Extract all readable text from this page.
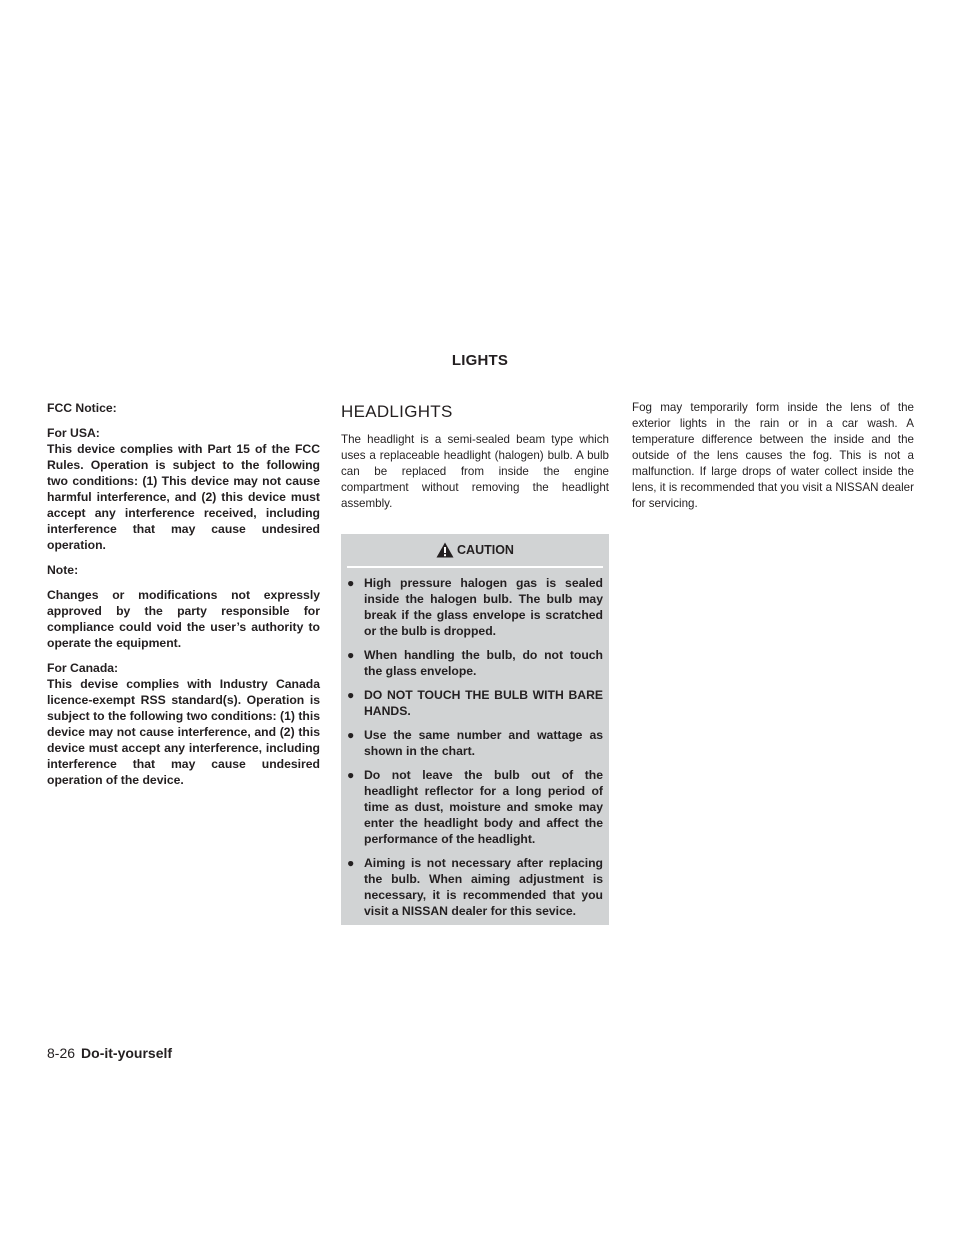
LIGHTS

FCC Notice:

For USA:

This device complies with Part 15 of the FCC Rules. Operation is subject to the following two conditions: (1) This device may not cause harmful interference, and (2) this device must accept any interference received, including interference that may cause undesired operation.

Note:

Changes or modifications not expressly approved by the party responsible for compliance could void the user’s authority to operate the equipment.

For Canada:

This devise complies with Industry Canada licence-exempt RSS standard(s). Operation is subject to the following two conditions: (1) this device may not cause interference, and (2) this device must accept any interference, including interference that may cause undesired operation of the device.

HEADLIGHTS

The headlight is a semi-sealed beam type which uses a replaceable headlight (halogen) bulb. A bulb can be replaced from inside the engine compartment without removing the headlight assembly.

CAUTION
● High pressure halogen gas is sealed inside the halogen bulb. The bulb may break if the glass envelope is scratched or the bulb is dropped.
● When handling the bulb, do not touch the glass envelope.
● DO NOT TOUCH THE BULB WITH BARE HANDS.
● Use the same number and wattage as shown in the chart.
● Do not leave the bulb out of the headlight reflector for a long period of time as dust, moisture and smoke may enter the headlight body and affect the performance of the headlight.
● Aiming is not necessary after replacing the bulb. When aiming adjustment is necessary, it is recommended that you visit a NISSAN dealer for this sevice.

Fog may temporarily form inside the lens of the exterior lights in the rain or in a car wash. A temperature difference between the inside and the outside of the lens causes the fog. This is not a malfunction. If large drops of water collect inside the lens, it is recommended that you visit a NISSAN dealer for servicing.

8-26 Do-it-yourself
